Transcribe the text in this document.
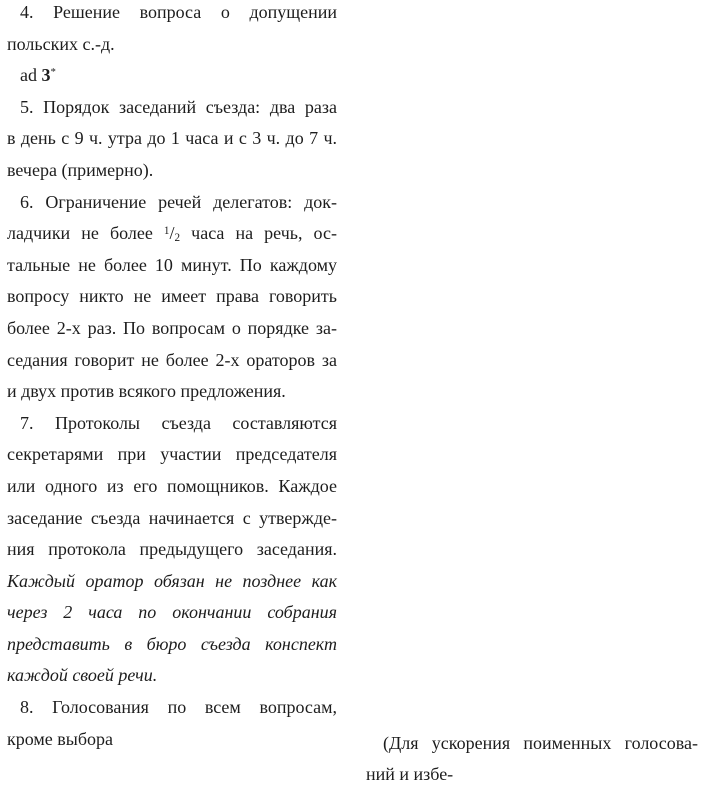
4. Решение вопроса о допущении
польских с.-д.
ad 3*
5. Порядок заседаний съезда: два раза
в день с 9 ч. утра до 1 часа и с 3 ч. до 7 ч.
вечера (примерно).
6. Ограничение речей делегатов: док-
ладчики не более $^1$/2 часа на речь, ос-
тальные не более 10 минут. По каждому
вопросу никто не имеет права говорить
более 2-х раз. По вопросам о порядке за-
седания говорит не более 2-х ораторов за
и двух против всякого предложения.
7. Протоколы съезда составляются
секретарями при участии председателя
или одного из его помощников. Каждое
заседание съезда начинается с утвержде-
ния протокола предыдущего заседания.
Каждый оратор обязан не позднее как
через 2 часа по окончании собрания
представить в бюро съезда конспект
каждой своей речи.
8. Голосования по всем вопросам,
кроме выбора	(Для ускорения поименных голосова-
ний и избе-
